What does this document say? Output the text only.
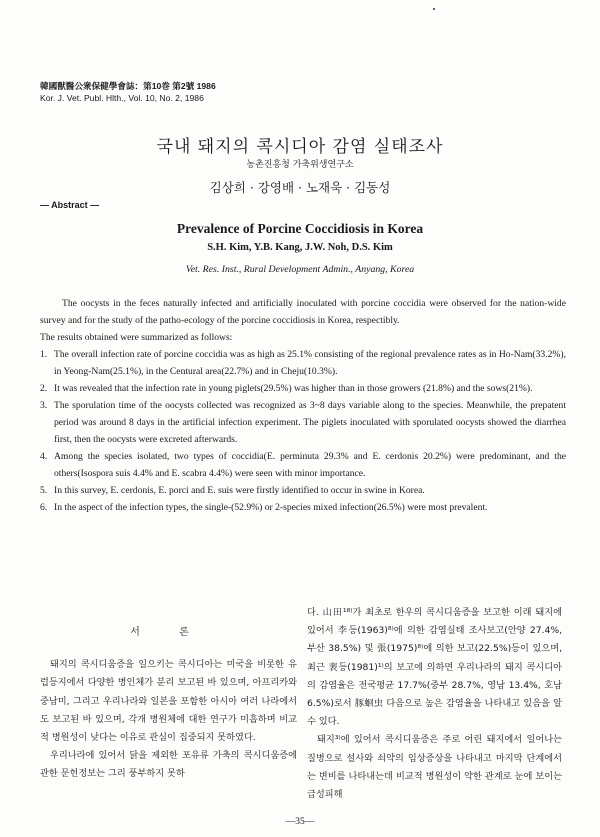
韓國獸醫公衆保健學會誌：第10巻 第2號 1986
Kor. J. Vet. Publ. Hlth., Vol. 10, No. 2, 1986
국내 돼지의 콕시디아 감염 실태조사
농촌진흥청 가축위생연구소
김상희 · 강영배 · 노재욱 · 김동성
— Abstract —
Prevalence of Porcine Coccidiosis in Korea
S.H. Kim, Y.B. Kang, J.W. Noh, D.S. Kim
Vet. Res. Inst., Rural Development Admin., Anyang, Korea

The oocysts in the feces naturally infected and artificially inoculated with porcine coccidia were observed for the nation-wide survey and for the study of the patho-ecology of the porcine coccidiosis in Korea, respectibly.

The results obtained were summarized as follows:

1. The overall infection rate of porcine coccidia was as high as 25.1% consisting of the regional prevalence rates as in Ho-Nam(33.2%), in Yeong-Nam(25.1%), in the Centural area(22.7%) and in Cheju(10.3%).
2. It was revealed that the infection rate in young piglets(29.5%) was higher than in those growers (21.8%) and the sows(21%).
3. The sporulation time of the oocysts collected was recognized as 3~8 days variable along to the species. Meanwhile, the prepatent period was around 8 days in the artificial infection experiment. The piglets inoculated with sporulated oocysts showed the diarrhea first, then the oocysts were excreted afterwards.
4. Among the species isolated, two types of coccidia(E. perminuta 29.3% and E. cerdonis 20.2%) were predominant, and the others(Isospora suis 4.4% and E. scabra 4.4%) were seen with minor importance.
5. In this survey, E. cerdonis, E. porci and E. suis were firstly identified to occur in swine in Korea.
6. In the aspect of the infection types, the single-(52.9%) or 2-species mixed infection(26.5%) were most prevalent.
서 론

돼지의 콕시디움증을 일으키는 콕시디아는 미국을 비롯한 유럽등지에서 다양한 병인체가 분리 보고된 바 있으며, 아프리카와 중남미, 그리고 우리나라와 일본을 포함한 아시아 여러 나라에서도 보고된 바 있으며, 각개 병원체에 대한 연구가 미흡하며 비교적 병원성이 낮다는 이유로 관심이 집중되지 못하였다.

우리나라에 있어서 닭을 제외한 포유류 가축의 콕시디움증에 관한 문헌정보는 그리 풍부하지 못하

다. 山田¹⁸⁾가 최초로 한우의 콕시디움증을 보고한 이래 돼지에 있어서 李등(1963)⁸⁾에 의한 감염실태 조사보고(안양 27.4%, 부산 38.5%) 및 張(1975)⁸⁾에 의한 보고(22.5%)등이 있으며, 최근 裵등(1981)¹⁾의 보고에 의하면 우리나라의 돼지 콕시디아의 감염율은 전국평균 17.7%(중부 28.7%, 영남 13.4%, 호남 6.5%)로서 豚蛔虫 다음으로 높은 감염율을 나타내고 있음을 알 수 있다.

돼지³⁾에 있어서 콕시디움증은 주로 어린 돼지에서 일어나는 질병으로 설사와 쇠약의 임상증상을 나타내고 마지막 단계에서는 변비를 나타내는데 비교적 병원성이 약한 관계로 눈에 보이는 급성피해

—35—
